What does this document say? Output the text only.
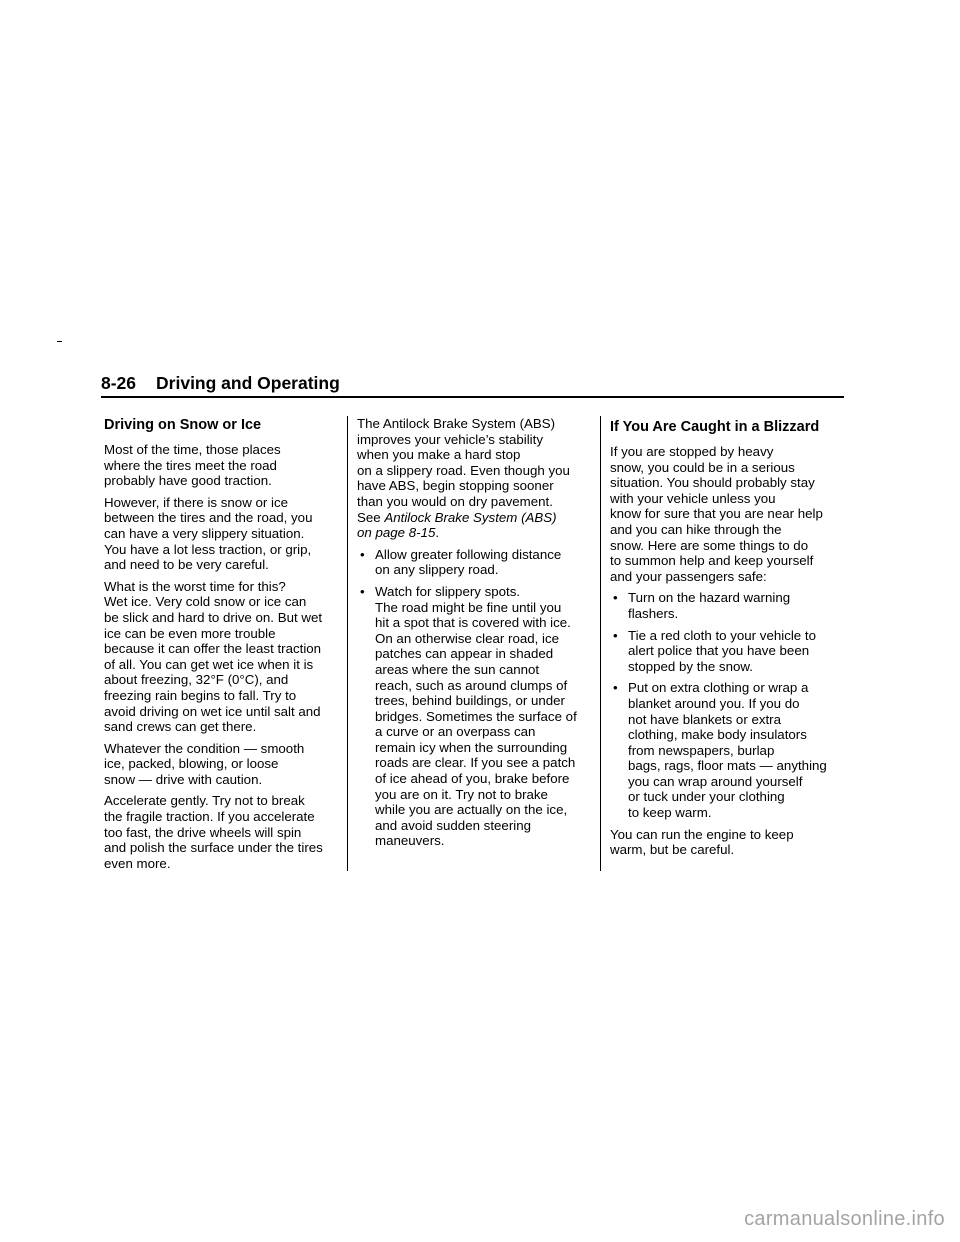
8-26 Driving and Operating
Driving on Snow or Ice

Most of the time, those places
where the tires meet the road
probably have good traction.

However, if there is snow or ice
between the tires and the road, you
can have a very slippery situation.
You have a lot less traction, or grip,
and need to be very careful.

What is the worst time for this?
Wet ice. Very cold snow or ice can
be slick and hard to drive on. But wet
ice can be even more trouble
because it can offer the least traction
of all. You can get wet ice when it is
about freezing, 32°F (0°C), and
freezing rain begins to fall. Try to
avoid driving on wet ice until salt and
sand crews can get there.

Whatever the condition — smooth
ice, packed, blowing, or loose
snow — drive with caution.

Accelerate gently. Try not to break
the fragile traction. If you accelerate
too fast, the drive wheels will spin
and polish the surface under the tires
even more.

The Antilock Brake System (ABS)
improves your vehicle’s stability
when you make a hard stop
on a slippery road. Even though you
have ABS, begin stopping sooner
than you would on dry pavement.
See Antilock Brake System (ABS)
on page 8-15.

• Allow greater following distance
on any slippery road.
• Watch for slippery spots.
The road might be fine until you
hit a spot that is covered with ice.
On an otherwise clear road, ice
patches can appear in shaded
areas where the sun cannot
reach, such as around clumps of
trees, behind buildings, or under
bridges. Sometimes the surface of
a curve or an overpass can
remain icy when the surrounding
roads are clear. If you see a patch
of ice ahead of you, brake before
you are on it. Try not to brake
while you are actually on the ice,
and avoid sudden steering
maneuvers.
If You Are Caught in a Blizzard

If you are stopped by heavy
snow, you could be in a serious
situation. You should probably stay
with your vehicle unless you
know for sure that you are near help
and you can hike through the
snow. Here are some things to do
to summon help and keep yourself
and your passengers safe:

• Turn on the hazard warning
flashers.
• Tie a red cloth to your vehicle to
alert police that you have been
stopped by the snow.
• Put on extra clothing or wrap a
blanket around you. If you do
not have blankets or extra
clothing, make body insulators
from newspapers, burlap
bags, rags, floor mats — anything
you can wrap around yourself
or tuck under your clothing
to keep warm.

You can run the engine to keep
warm, but be careful.

carmanualsonline.info
